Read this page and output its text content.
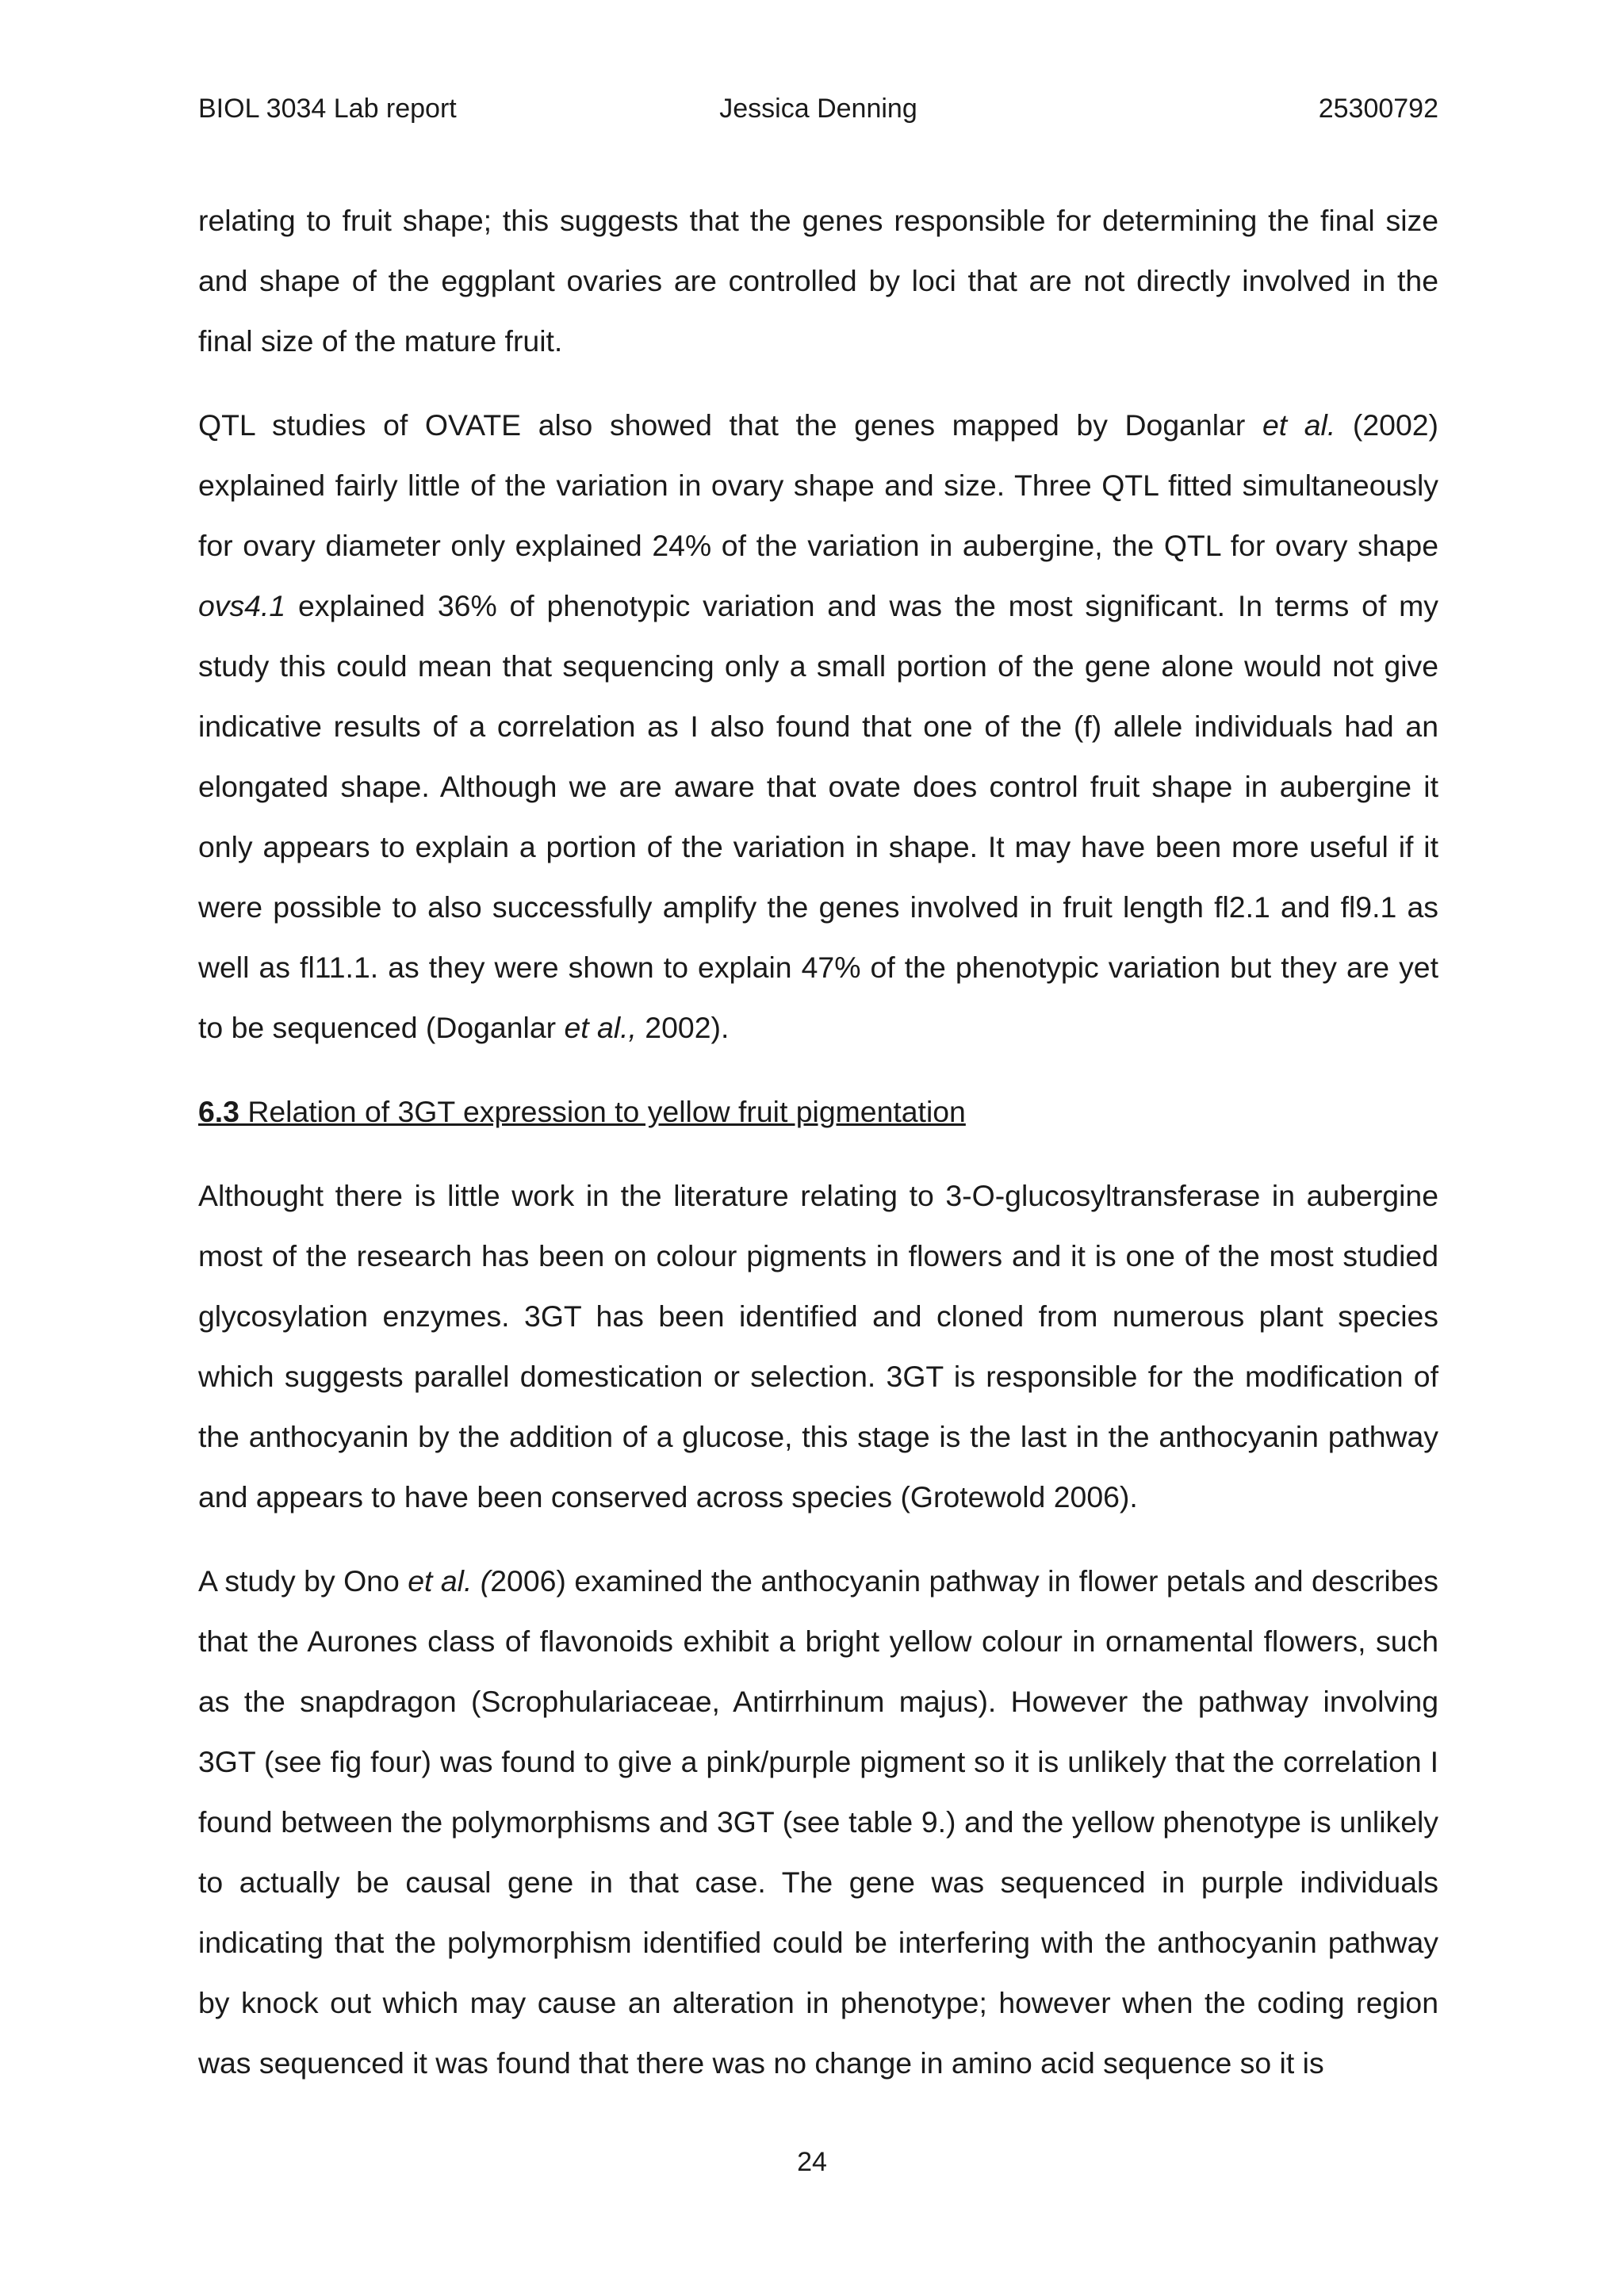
BIOL 3034 Lab report	Jessica Denning	25300792

relating to fruit shape; this suggests that the genes responsible for determining the final size and shape of the eggplant ovaries are controlled by loci that are not directly involved in the final size of the mature fruit.

QTL studies of OVATE also showed that the genes mapped by Doganlar et al. (2002) explained fairly little of the variation in ovary shape and size. Three QTL fitted simultaneously for ovary diameter only explained 24% of the variation in aubergine, the QTL for ovary shape ovs4.1 explained 36% of phenotypic variation and was the most significant. In terms of my study this could mean that sequencing only a small portion of the gene alone would not give indicative results of a correlation as I also found that one of the (f) allele individuals had an elongated shape. Although we are aware that ovate does control fruit shape in aubergine it only appears to explain a portion of the variation in shape. It may have been more useful if it were possible to also successfully amplify the genes involved in fruit length fl2.1 and fl9.1 as well as fl11.1. as they were shown to explain 47% of the phenotypic variation but they are yet to be sequenced (Doganlar et al., 2002).

6.3 Relation of 3GT expression to yellow fruit pigmentation

Althought there is little work in the literature relating to 3-O-glucosyltransferase in aubergine most of the research has been on colour pigments in flowers and it is one of the most studied glycosylation enzymes. 3GT has been identified and cloned from numerous plant species which suggests parallel domestication or selection. 3GT is responsible for the modification of the anthocyanin by the addition of a glucose, this stage is the last in the anthocyanin pathway and appears to have been conserved across species (Grotewold 2006).

A study by Ono et al. (2006) examined the anthocyanin pathway in flower petals and describes that the Aurones class of flavonoids exhibit a bright yellow colour in ornamental flowers, such as the snapdragon (Scrophulariaceae, Antirrhinum majus). However the pathway involving 3GT (see fig four) was found to give a pink/purple pigment so it is unlikely that the correlation I found between the polymorphisms and 3GT (see table 9.) and the yellow phenotype is unlikely to actually be causal gene in that case. The gene was sequenced in purple individuals indicating that the polymorphism identified could be interfering with the anthocyanin pathway by knock out which may cause an alteration in phenotype; however when the coding region was sequenced it was found that there was no change in amino acid sequence so it is

24
